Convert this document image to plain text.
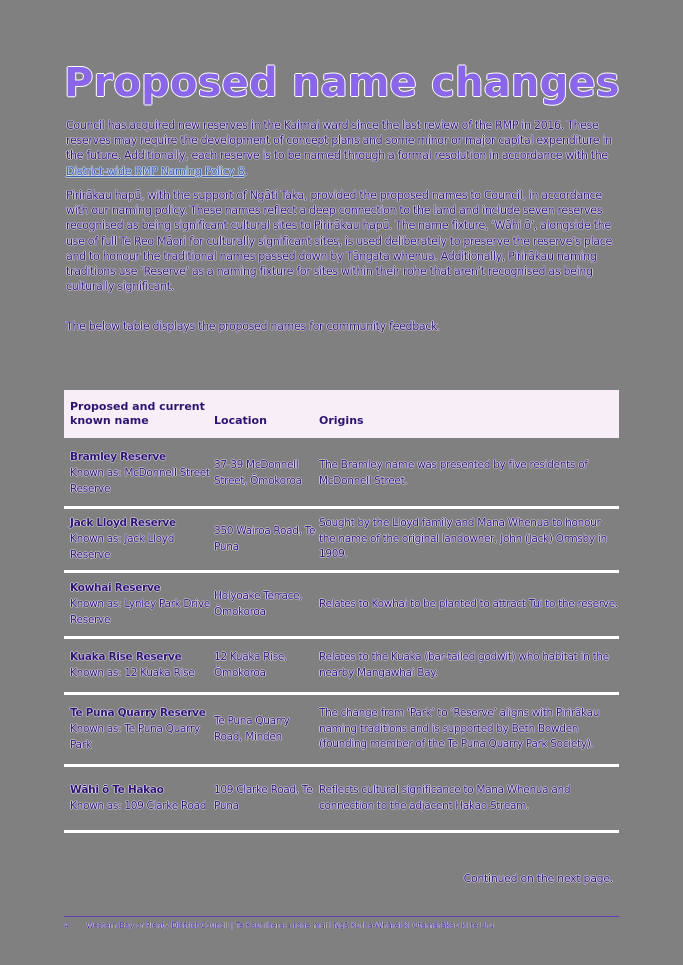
Proposed name changes

Council has acquired new reserves in the Kaimai ward since the last review of the RMP in 2016. These reserves may require the development of concept plans and some minor or major capital expenditure in the future. Additionally, each reserve is to be named through a formal resolution in accordance with the District-wide RMP Naming Policy 8.

Pirirākau hapū, with the support of Ngāti Taka, provided the proposed names to Council, in accordance with our naming policy. These names reflect a deep connection to the land and include seven reserves recognised as being significant cultural sites to Pirirākau hapū. The name fixture, ‘Wāhi ō’, alongside the use of full Te Reo Māori for culturally significant sites, is used deliberately to preserve the reserve’s place and to honour the traditional names passed down by Tāngata whenua. Additionally, Pirirākau naming traditions use ‘Reserve’ as a naming fixture for sites within their rohe that aren’t recognised as being culturally significant.

The below table displays the proposed names for community feedback.

Proposed and current known name	Location	Origins
Bramley Reserve
Known as: McDonnell Street Reserve
37-39 McDonnell Street, Ōmokoroa
The Bramley name was presented by five residents of McDonnell Street.
Jack Lloyd Reserve
Known as: Jack Lloyd Reserve
350 Wairoa Road, Te Puna
Sought by the Lloyd family and Mana Whenua to honour the name of the original landowner, John (Jack) Ormsby in 1909.
Kowhai Reserve
Known as: Lynley Park Drive Reserve
Holyoake Terrace, Ōmokoroa
Relates to Kowhai to be planted to attract Tui to the reserve.
Kuaka Rise Reserve
Known as: 12 Kuaka Rise
12 Kuaka Rise, Ōmokoroa
Relates to the Kuaka (bar-tailed godwit) who habitat in the nearby Mangawhai Bay.
Te Puna Quarry Reserve
Known as: Te Puna Quarry Park
Te Puna Quarry Road, Minden
The change from ‘Park’ to ‘Reserve’ aligns with Pirirākau naming traditions and is supported by Beth Bowden (founding member of the Te Puna Quarry Park Society).
Wāhi ō Te Hakao
Known as: 109 Clarke Road
109 Clarke Road, Te Puna
Reflects cultural significance to Mana Whenua and connection to the adjacent Hakao Stream.
Continued on the next page.
4 Western Bay of Plenty District Council | Te Kaunihera a rohe mai i Ngā Kuri-a-Whārei ki Otamarākau ki te Uru
